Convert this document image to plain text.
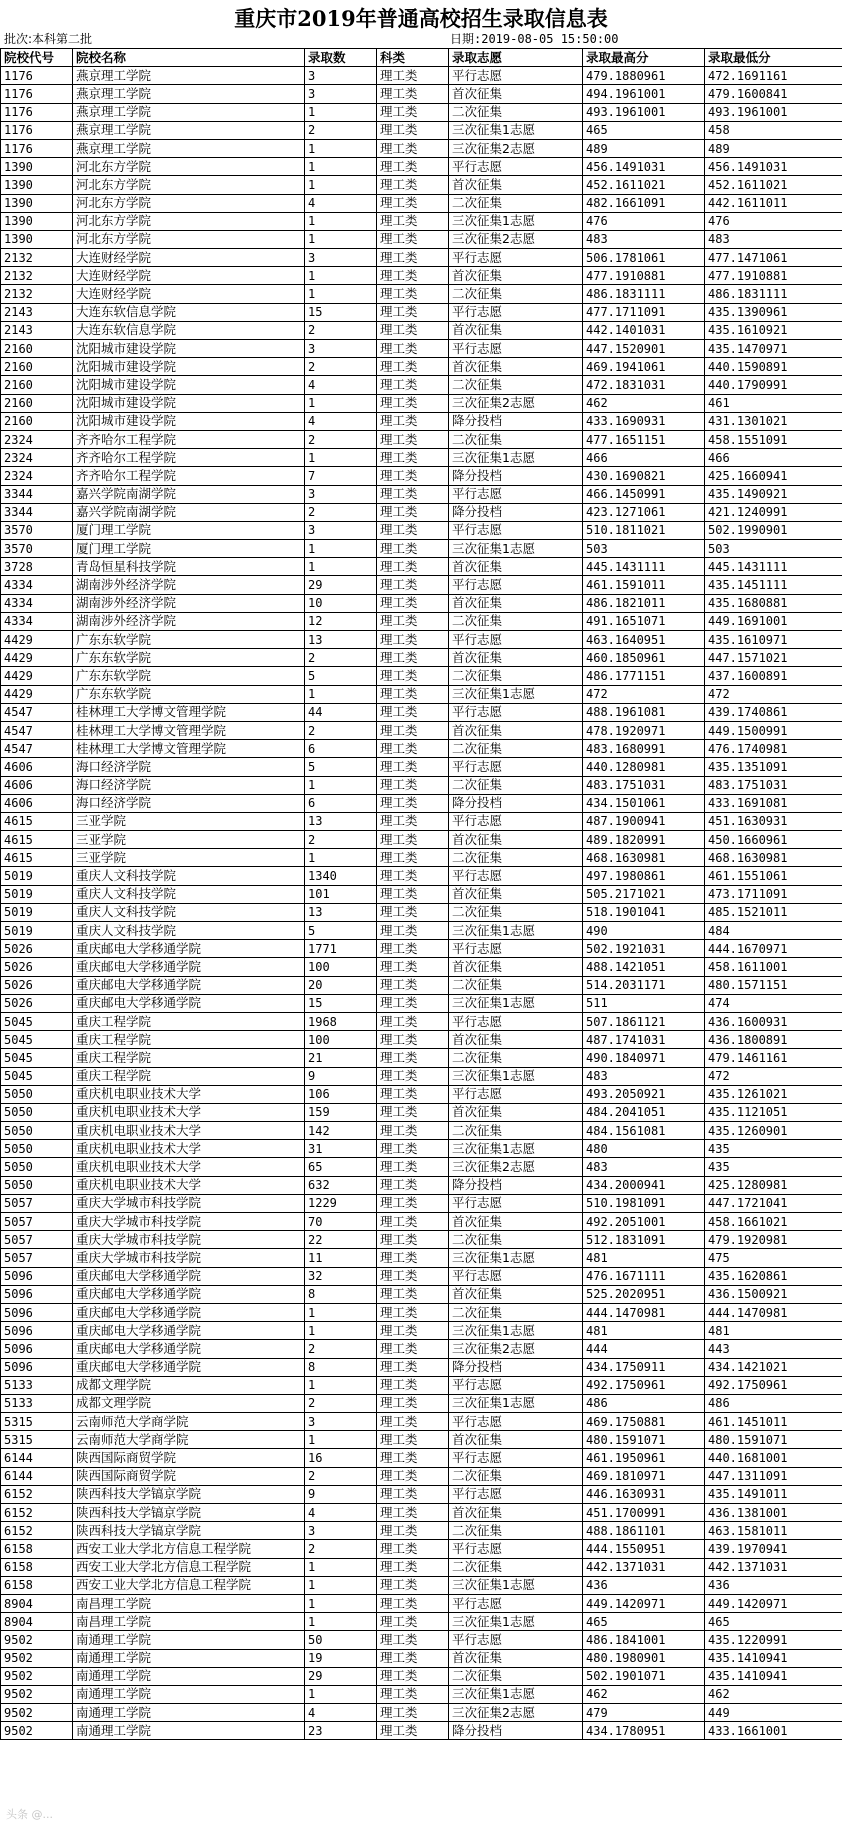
重庆市2019年普通高校招生录取信息表
批次:本科第二批	日期:2019-08-05 15:50:00
院校代号	院校名称	录取数	科类	录取志愿	录取最高分	录取最低分
1176	燕京理工学院	3	理工类	平行志愿	479.1880961	472.1691161
1176	燕京理工学院	3	理工类	首次征集	494.1961001	479.1600841
1176	燕京理工学院	1	理工类	二次征集	493.1961001	493.1961001
1176	燕京理工学院	2	理工类	三次征集1志愿	465	458
1176	燕京理工学院	1	理工类	三次征集2志愿	489	489
1390	河北东方学院	1	理工类	平行志愿	456.1491031	456.1491031
1390	河北东方学院	1	理工类	首次征集	452.1611021	452.1611021
1390	河北东方学院	4	理工类	二次征集	482.1661091	442.1611011
1390	河北东方学院	1	理工类	三次征集1志愿	476	476
1390	河北东方学院	1	理工类	三次征集2志愿	483	483
2132	大连财经学院	3	理工类	平行志愿	506.1781061	477.1471061
2132	大连财经学院	1	理工类	首次征集	477.1910881	477.1910881
2132	大连财经学院	1	理工类	二次征集	486.1831111	486.1831111
2143	大连东软信息学院	15	理工类	平行志愿	477.1711091	435.1390961
2143	大连东软信息学院	2	理工类	首次征集	442.1401031	435.1610921
2160	沈阳城市建设学院	3	理工类	平行志愿	447.1520901	435.1470971
2160	沈阳城市建设学院	2	理工类	首次征集	469.1941061	440.1590891
2160	沈阳城市建设学院	4	理工类	二次征集	472.1831031	440.1790991
2160	沈阳城市建设学院	1	理工类	三次征集2志愿	462	461
2160	沈阳城市建设学院	4	理工类	降分投档	433.1690931	431.1301021
2324	齐齐哈尔工程学院	2	理工类	二次征集	477.1651151	458.1551091
2324	齐齐哈尔工程学院	1	理工类	三次征集1志愿	466	466
2324	齐齐哈尔工程学院	7	理工类	降分投档	430.1690821	425.1660941
3344	嘉兴学院南湖学院	3	理工类	平行志愿	466.1450991	435.1490921
3344	嘉兴学院南湖学院	2	理工类	降分投档	423.1271061	421.1240991
3570	厦门理工学院	3	理工类	平行志愿	510.1811021	502.1990901
3570	厦门理工学院	1	理工类	三次征集1志愿	503	503
3728	青岛恒星科技学院	1	理工类	首次征集	445.1431111	445.1431111
4334	湖南涉外经济学院	29	理工类	平行志愿	461.1591011	435.1451111
4334	湖南涉外经济学院	10	理工类	首次征集	486.1821011	435.1680881
4334	湖南涉外经济学院	12	理工类	二次征集	491.1651071	449.1691001
4429	广东东软学院	13	理工类	平行志愿	463.1640951	435.1610971
4429	广东东软学院	2	理工类	首次征集	460.1850961	447.1571021
4429	广东东软学院	5	理工类	二次征集	486.1771151	437.1600891
4429	广东东软学院	1	理工类	三次征集1志愿	472	472
4547	桂林理工大学博文管理学院	44	理工类	平行志愿	488.1961081	439.1740861
4547	桂林理工大学博文管理学院	2	理工类	首次征集	478.1920971	449.1500991
4547	桂林理工大学博文管理学院	6	理工类	二次征集	483.1680991	476.1740981
4606	海口经济学院	5	理工类	平行志愿	440.1280981	435.1351091
4606	海口经济学院	1	理工类	二次征集	483.1751031	483.1751031
4606	海口经济学院	6	理工类	降分投档	434.1501061	433.1691081
4615	三亚学院	13	理工类	平行志愿	487.1900941	451.1630931
4615	三亚学院	2	理工类	首次征集	489.1820991	450.1660961
4615	三亚学院	1	理工类	二次征集	468.1630981	468.1630981
5019	重庆人文科技学院	1340	理工类	平行志愿	497.1980861	461.1551061
5019	重庆人文科技学院	101	理工类	首次征集	505.2171021	473.1711091
5019	重庆人文科技学院	13	理工类	二次征集	518.1901041	485.1521011
5019	重庆人文科技学院	5	理工类	三次征集1志愿	490	484
5026	重庆邮电大学移通学院	1771	理工类	平行志愿	502.1921031	444.1670971
5026	重庆邮电大学移通学院	100	理工类	首次征集	488.1421051	458.1611001
5026	重庆邮电大学移通学院	20	理工类	二次征集	514.2031171	480.1571151
5026	重庆邮电大学移通学院	15	理工类	三次征集1志愿	511	474
5045	重庆工程学院	1968	理工类	平行志愿	507.1861121	436.1600931
5045	重庆工程学院	100	理工类	首次征集	487.1741031	436.1800891
5045	重庆工程学院	21	理工类	二次征集	490.1840971	479.1461161
5045	重庆工程学院	9	理工类	三次征集1志愿	483	472
5050	重庆机电职业技术大学	106	理工类	平行志愿	493.2050921	435.1261021
5050	重庆机电职业技术大学	159	理工类	首次征集	484.2041051	435.1121051
5050	重庆机电职业技术大学	142	理工类	二次征集	484.1561081	435.1260901
5050	重庆机电职业技术大学	31	理工类	三次征集1志愿	480	435
5050	重庆机电职业技术大学	65	理工类	三次征集2志愿	483	435
5050	重庆机电职业技术大学	632	理工类	降分投档	434.2000941	425.1280981
5057	重庆大学城市科技学院	1229	理工类	平行志愿	510.1981091	447.1721041
5057	重庆大学城市科技学院	70	理工类	首次征集	492.2051001	458.1661021
5057	重庆大学城市科技学院	22	理工类	二次征集	512.1831091	479.1920981
5057	重庆大学城市科技学院	11	理工类	三次征集1志愿	481	475
5096	重庆邮电大学移通学院	32	理工类	平行志愿	476.1671111	435.1620861
5096	重庆邮电大学移通学院	8	理工类	首次征集	525.2020951	436.1500921
5096	重庆邮电大学移通学院	1	理工类	二次征集	444.1470981	444.1470981
5096	重庆邮电大学移通学院	1	理工类	三次征集1志愿	481	481
5096	重庆邮电大学移通学院	2	理工类	三次征集2志愿	444	443
5096	重庆邮电大学移通学院	8	理工类	降分投档	434.1750911	434.1421021
5133	成都文理学院	1	理工类	平行志愿	492.1750961	492.1750961
5133	成都文理学院	2	理工类	三次征集1志愿	486	486
5315	云南师范大学商学院	3	理工类	平行志愿	469.1750881	461.1451011
5315	云南师范大学商学院	1	理工类	首次征集	480.1591071	480.1591071
6144	陕西国际商贸学院	16	理工类	平行志愿	461.1950961	440.1681001
6144	陕西国际商贸学院	2	理工类	二次征集	469.1810971	447.1311091
6152	陕西科技大学镐京学院	9	理工类	平行志愿	446.1630931	435.1491011
6152	陕西科技大学镐京学院	4	理工类	首次征集	451.1700991	436.1381001
6152	陕西科技大学镐京学院	3	理工类	二次征集	488.1861101	463.1581011
6158	西安工业大学北方信息工程学院	2	理工类	平行志愿	444.1550951	439.1970941
6158	西安工业大学北方信息工程学院	1	理工类	二次征集	442.1371031	442.1371031
6158	西安工业大学北方信息工程学院	1	理工类	三次征集1志愿	436	436
8904	南昌理工学院	1	理工类	平行志愿	449.1420971	449.1420971
8904	南昌理工学院	1	理工类	三次征集1志愿	465	465
9502	南通理工学院	50	理工类	平行志愿	486.1841001	435.1220991
9502	南通理工学院	19	理工类	首次征集	480.1980901	435.1410941
9502	南通理工学院	29	理工类	二次征集	502.1901071	435.1410941
9502	南通理工学院	1	理工类	三次征集1志愿	462	462
9502	南通理工学院	4	理工类	三次征集2志愿	479	449
9502	南通理工学院	23	理工类	降分投档	434.1780951	433.1661001
头条 @...
